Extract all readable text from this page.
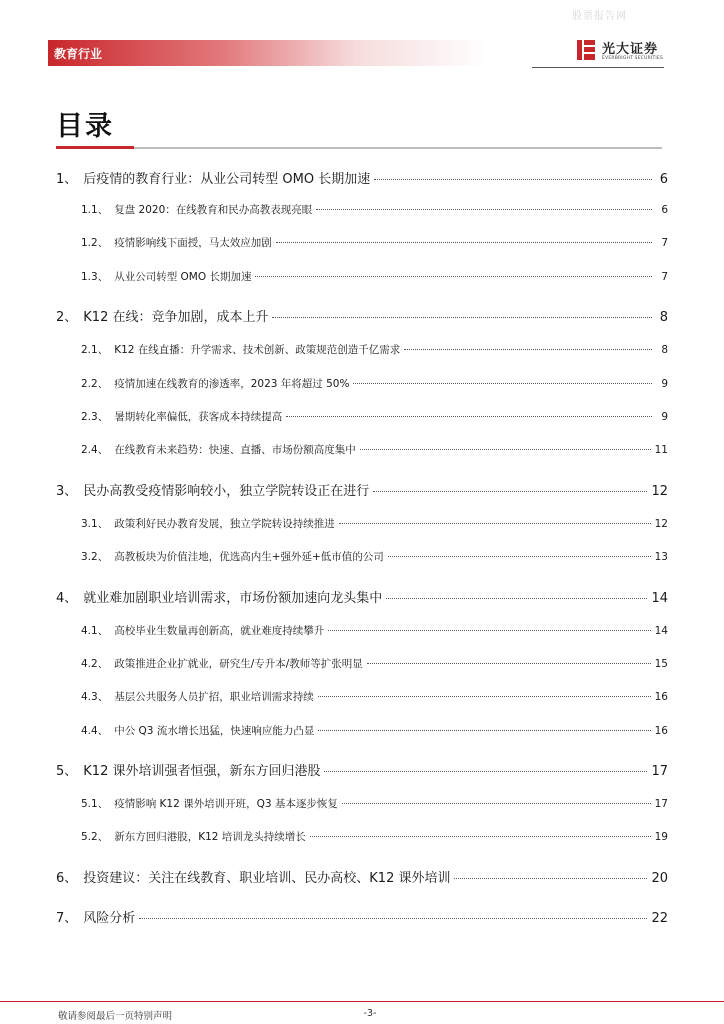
股票报告网
教育行业	光大证券
EVERBRIGHT SECURITIES
目录
1、 后疫情的教育行业：从业公司转型 OMO 长期加速	6
1.1、 复盘 2020：在线教育和民办高教表现亮眼	6
1.2、 疫情影响线下面授，马太效应加剧	7
1.3、 从业公司转型 OMO 长期加速	7
2、 K12 在线：竞争加剧，成本上升	8
2.1、 K12 在线直播：升学需求、技术创新、政策规范创造千亿需求	8
2.2、 疫情加速在线教育的渗透率，2023 年将超过 50%	9
2.3、 暑期转化率偏低，获客成本持续提高	9
2.4、 在线教育未来趋势：快速、直播、市场份额高度集中	11
3、 民办高教受疫情影响较小，独立学院转设正在进行	12
3.1、 政策利好民办教育发展，独立学院转设持续推进	12
3.2、 高教板块为价值洼地，优选高内生+强外延+低市值的公司	13
4、 就业难加剧职业培训需求，市场份额加速向龙头集中	14
4.1、 高校毕业生数量再创新高，就业难度持续攀升	14
4.2、 政策推进企业扩就业，研究生/专升本/教师等扩张明显	15
4.3、 基层公共服务人员扩招，职业培训需求持续	16
4.4、 中公 Q3 流水增长迅猛，快速响应能力凸显	16
5、 K12 课外培训强者恒强，新东方回归港股	17
5.1、 疫情影响 K12 课外培训开班，Q3 基本逐步恢复	17
5.2、 新东方回归港股，K12 培训龙头持续增长	19
6、 投资建议：关注在线教育、职业培训、民办高校、K12 课外培训	20
7、 风险分析	22
敬请参阅最后一页特别声明	-3-
